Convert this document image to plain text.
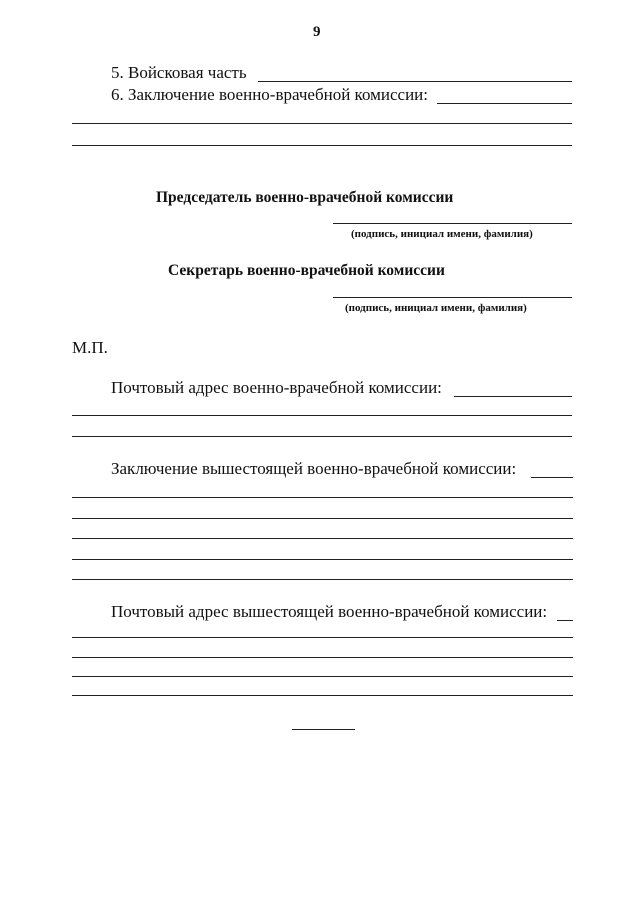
9
5. Войсковая часть
6. Заключение военно-врачебной комиссии:
Председатель военно-врачебной комиссии
(подпись, инициал имени, фамилия)
Секретарь военно-врачебной комиссии
(подпись, инициал имени, фамилия)
М.П.
Почтовый адрес военно-врачебной комиссии:
Заключение вышестоящей военно-врачебной комиссии:
Почтовый адрес вышестоящей военно-врачебной комиссии:
